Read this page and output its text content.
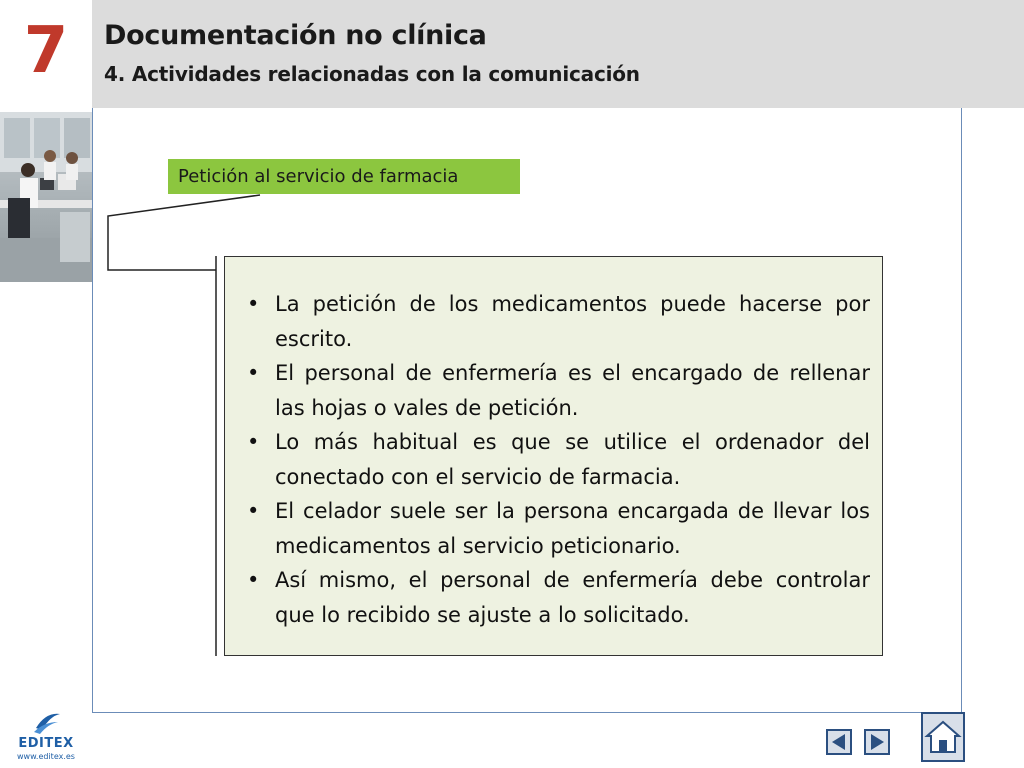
7 Documentación no clínica
4. Actividades relacionadas con la comunicación
Petición al servicio de farmacia
• La petición de los medicamentos puede hacerse por escrito.
• El personal de enfermería es el encargado de rellenar las hojas o vales de petición.
• Lo más habitual es que se utilice el ordenador del conectado con el servicio de farmacia.
• El celador suele ser la persona encargada de llevar los medicamentos al servicio peticionario.
• Así mismo, el personal de enfermería debe controlar que lo recibido se ajuste a lo solicitado.
EDITEX
www.editex.es
